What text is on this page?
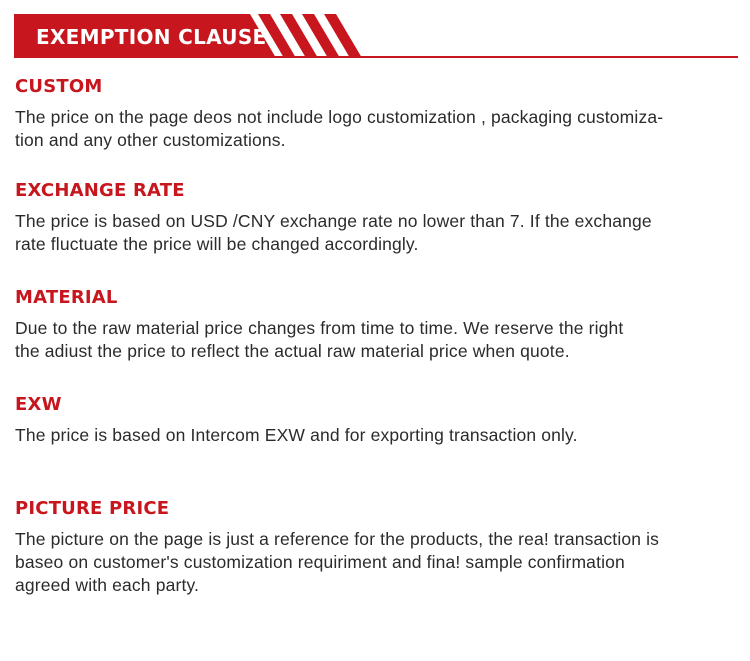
EXEMPTION CLAUSE
CUSTOM
The price on the page deos not include logo customization , packaging customiza-
tion and any other customizations.
EXCHANGE RATE
The price is based on USD /CNY exchange rate no lower than 7. If the exchange
rate fluctuate the price will be changed accordingly.
MATERIAL
Due to the raw material price changes from time to time. We reserve the right
the adiust the price to reflect the actual raw material price when quote.
EXW
The price is based on Intercom EXW and for exporting transaction only.
PICTURE PRICE
The picture on the page is just a reference for the products, the rea! transaction is
baseo on customer's customization requiriment and fina! sample confirmation
agreed with each party.
